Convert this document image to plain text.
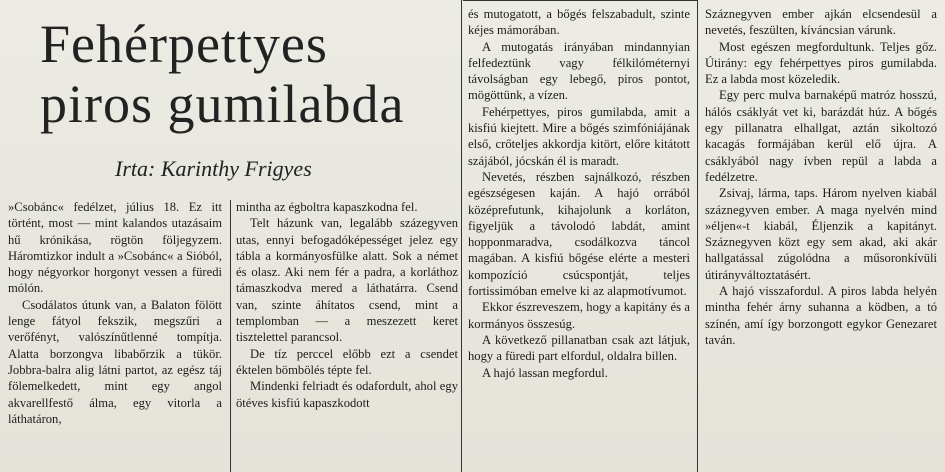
Fehérpettyes
piros gumilabda
Irta: Karinthy Frigyes

»Csobánc« fedélzet, július 18. Ez itt történt, most — mint kalandos utazásaim hű krónikása, rögtön följegyzem. Háromtizkor indult a »Csobánc« a Sióból, hogy négyorkor horgonyt vessen a füredi mólón.

Csodálatos útunk van, a Balaton fölött lenge fátyol fekszik, megszűri a verőfényt, valószínűtlenné tompítja. Alatta borzongva libabőrzik a tükör. Jobbra-balra alig látni partot, az egész táj fölemelkedett, mint egy angol akvarellfestő álma, egy vitorla a láthatáron,

mintha az égboltra kapaszkodna fel.

Telt házunk van, legalább százegyven utas, ennyi befogadóképességet jelez egy tábla a kormányosfülke alatt. Sok a német és olasz. Aki nem fér a padra, a korláthoz támaszkodva mered a láthatárra. Csend van, szinte áhítatos csend, mint a templomban — a meszezett keret tisztelettel parancsol.

De tíz perccel előbb ezt a csendet éktelen bömbölés tépte fel.

Mindenki felriadt és odafordult, ahol egy ötéves kisfiú kapaszkodott

és mutogatott, a bőgés felszabadult, szinte kéjes mámorában.

A mutogatás irányában mindannyian felfedeztünk vagy félkilóméternyi távolságban egy lebegő, piros pontot, mögöttünk, a vízen.

Fehérpettyes, piros gumilabda, amit a kisfiú kiejtett. Mire a bőgés szimfóniájának első, crőteljes akkordja kitört, előre kitátott szájából, jócskán él is maradt.

Nevetés, részben sajnálkozó, részben egészségesen kaján. A hajó orrából középrefutunk, kihajolunk a korláton, figyeljük a távolodó labdát, amint hopponmaradva, csodálkozva táncol magában. A kisfiú bőgése elérte a mesteri kompozíció csúcspontját, teljes fortissimóban emelve ki az alapmotívumot.

Ekkor észreveszem, hogy a kapitány és a kormányos összesúg.

A következő pillanatban csak azt látjuk, hogy a füredi part elfordul, oldalra billen.

A hajó lassan megfordul.

Száznegyven ember ajkán elcsendesül a nevetés, feszülten, kíváncsian várunk.

Most egészen megfordultunk. Teljes gőz. Útirány: egy fehérpettyes piros gumilabda. Ez a labda most közeledik.

Egy perc mulva barnaképű matróz hosszú, hálós csáklyát vet ki, barázdát húz. A bőgés egy pillanatra elhallgat, aztán sikoltozó kacagás formájában kerül elő újra. A csáklyából nagy ívben repül a labda a fedélzetre.

Zsivaj, lárma, taps. Három nyelven kiabál száznegyven ember. A maga nyelvén mind »éljen«-t kiabál, Éljenzik a kapitányt. Száznegyven közt egy sem akad, aki akár hallgatással zúgolódna a műsoronkívüli útirányváltoztatásért.

A hajó visszafordul. A piros labda helyén mintha fehér árny suhanna a ködben, a tó színén, amí így borzongott egykor Genezaret taván.
